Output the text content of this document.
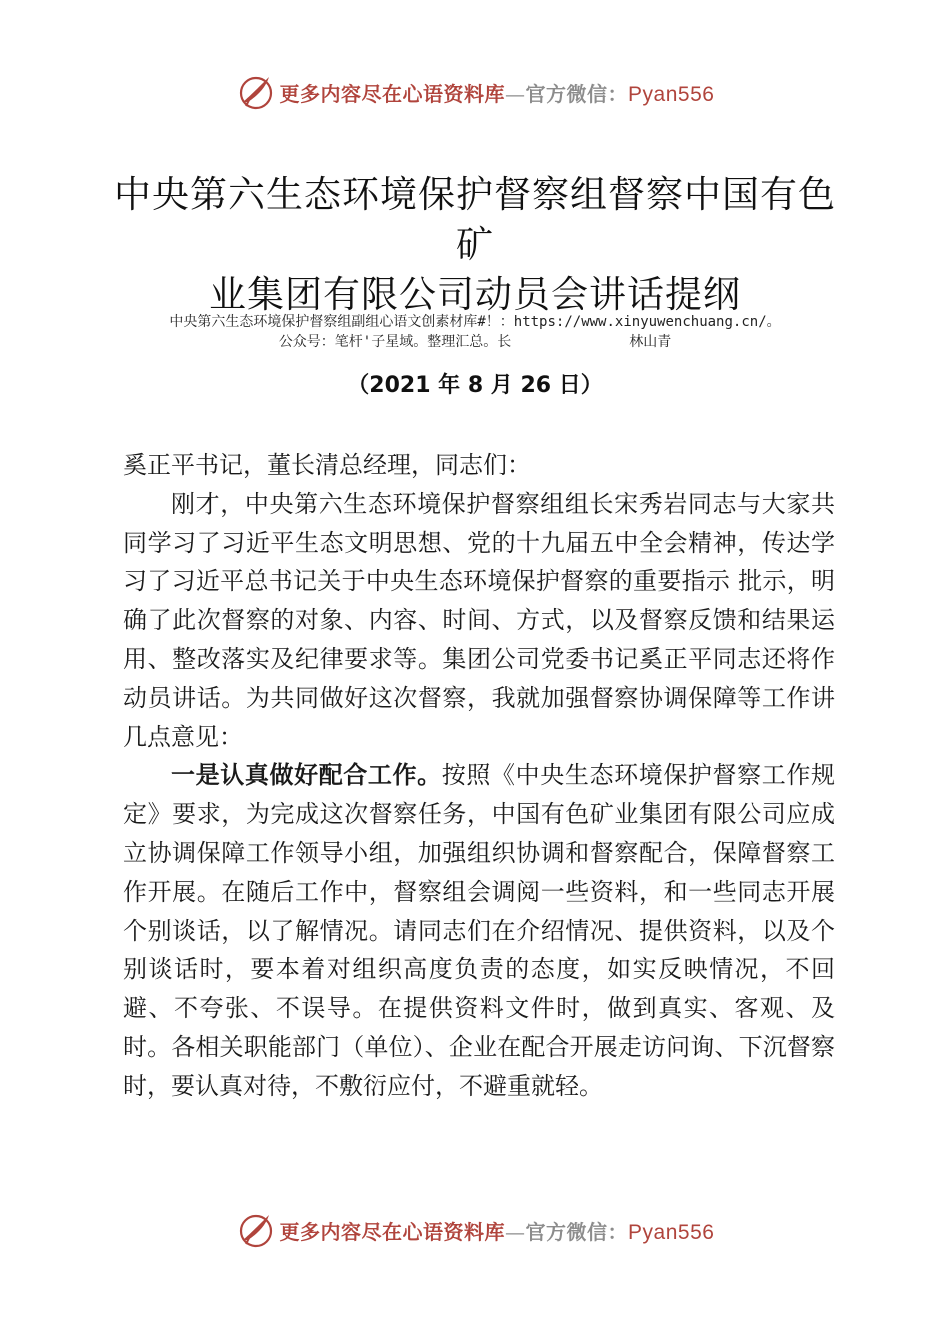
更多内容尽在心语资料库—官方微信：Pyan556
中央第六生态环境保护督察组督察中国有色矿
业集团有限公司动员会讲话提纲
中央第六生态环境保护督察组副组心语文创素材库#！：https://www.xinyuwenchuang.cn/。
公众号：笔杆'子星域。整理汇总。长	林山青
（2021 年 8 月 26 日）

奚正平书记，董长清总经理，同志们：

刚才，中央第六生态环境保护督察组组长宋秀岩同志与大家共同学习了习近平生态文明思想、党的十九届五中全会精神，传达学习了习近平总书记关于中央生态环境保护督察的重要指示 批示，明确了此次督察的对象、内容、时间、方式，以及督察反馈和结果运用、整改落实及纪律要求等。集团公司党委书记奚正平同志还将作动员讲话。为共同做好这次督察，我就加强督察协调保障等工作讲几点意见：

一是认真做好配合工作。按照《中央生态环境保护督察工作规定》要求，为完成这次督察任务，中国有色矿业集团有限公司应成立协调保障工作领导小组，加强组织协调和督察配合，保障督察工作开展。在随后工作中，督察组会调阅一些资料，和一些同志开展个别谈话，以了解情况。请同志们在介绍情况、提供资料，以及个别谈话时，要本着对组织高度负责的态度，如实反映情况，不回避、不夸张、不误导。在提供资料文件时，做到真实、客观、及时。各相关职能部门（单位）、企业在配合开展走访问询、下沉督察时，要认真对待，不敷衍应付，不避重就轻。

更多内容尽在心语资料库—官方微信：Pyan556
